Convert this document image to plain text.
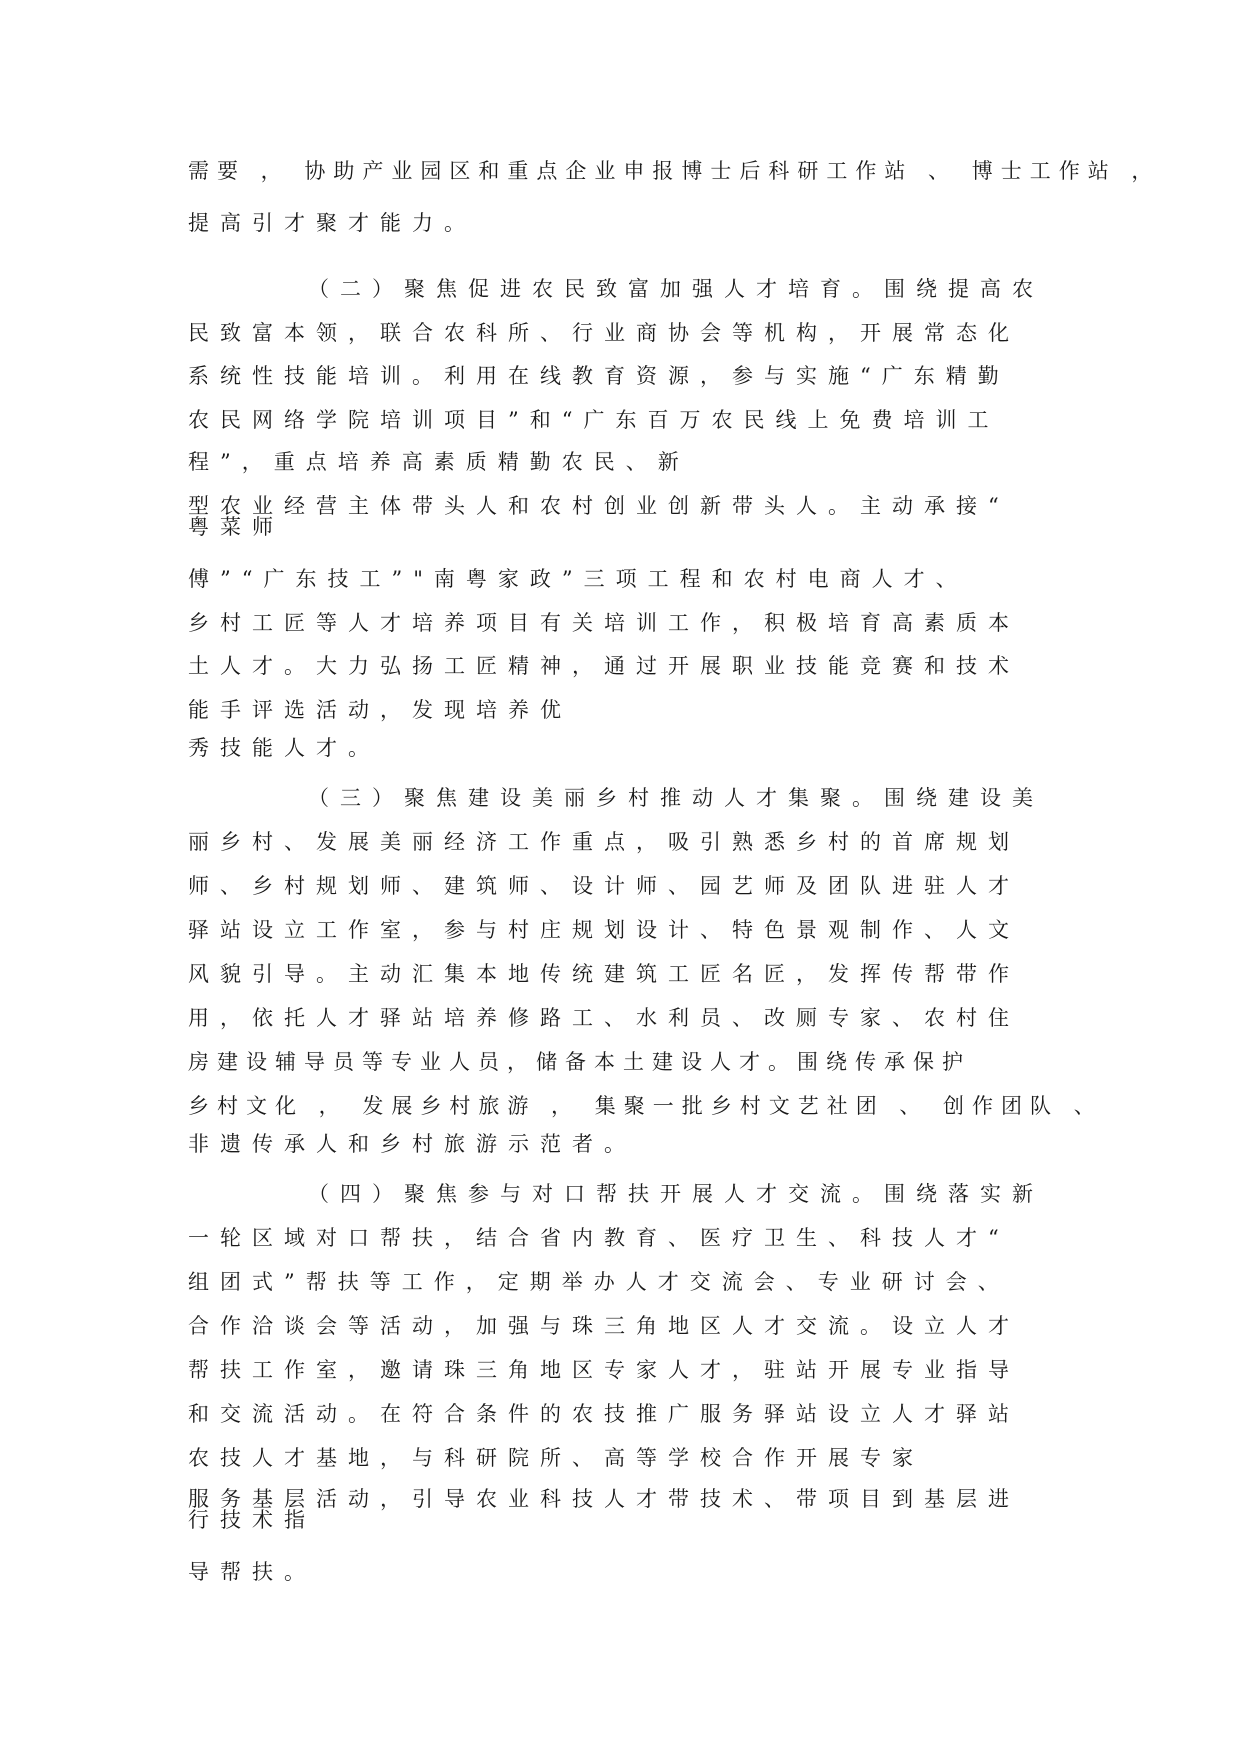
需要 ， 协助产业园区和重点企业申报博士后科研工作站 、 博士工作站 ，
提高引才聚才能力。
（二）聚焦促进农民致富加强人才培育。围绕提高农
民致富本领，联合农科所、行业商协会等机构，开展常态化
系统性技能培训。利用在线教育资源，参与实施“广东精勤
农民网络学院培训项目”和“广东百万农民线上免费培训工
程”，重点培养高素质精勤农民、新
型农业经营主体带头人和农村创业创新带头人。主动承接“
粤菜师
傅”“广东技工”"南粤家政”三项工程和农村电商人才、
乡村工匠等人才培养项目有关培训工作，积极培育高素质本
土人才。大力弘扬工匠精神，通过开展职业技能竞赛和技术
能手评选活动，发现培养优
秀技能人才。
（三）聚焦建设美丽乡村推动人才集聚。围绕建设美
丽乡村、发展美丽经济工作重点，吸引熟悉乡村的首席规划
师、乡村规划师、建筑师、设计师、园艺师及团队进驻人才
驿站设立工作室，参与村庄规划设计、特色景观制作、人文
风貌引导。主动汇集本地传统建筑工匠名匠，发挥传帮带作
用，依托人才驿站培养修路工、水利员、改厕专家、农村住
房建设辅导员等专业人员，储备本土建设人才。围绕传承保护
乡村文化 ， 发展乡村旅游 ， 集聚一批乡村文艺社团 、 创作团队 、
非遗传承人和乡村旅游示范者。
（四）聚焦参与对口帮扶开展人才交流。围绕落实新
一轮区域对口帮扶，结合省内教育、医疗卫生、科技人才“
组团式”帮扶等工作，定期举办人才交流会、专业研讨会、
合作洽谈会等活动，加强与珠三角地区人才交流。设立人才
帮扶工作室，邀请珠三角地区专家人才，驻站开展专业指导
和交流活动。在符合条件的农技推广服务驿站设立人才驿站
农技人才基地，与科研院所、高等学校合作开展专家
服务基层活动，引导农业科技人才带技术、带项目到基层进
行技术指
导帮扶。
